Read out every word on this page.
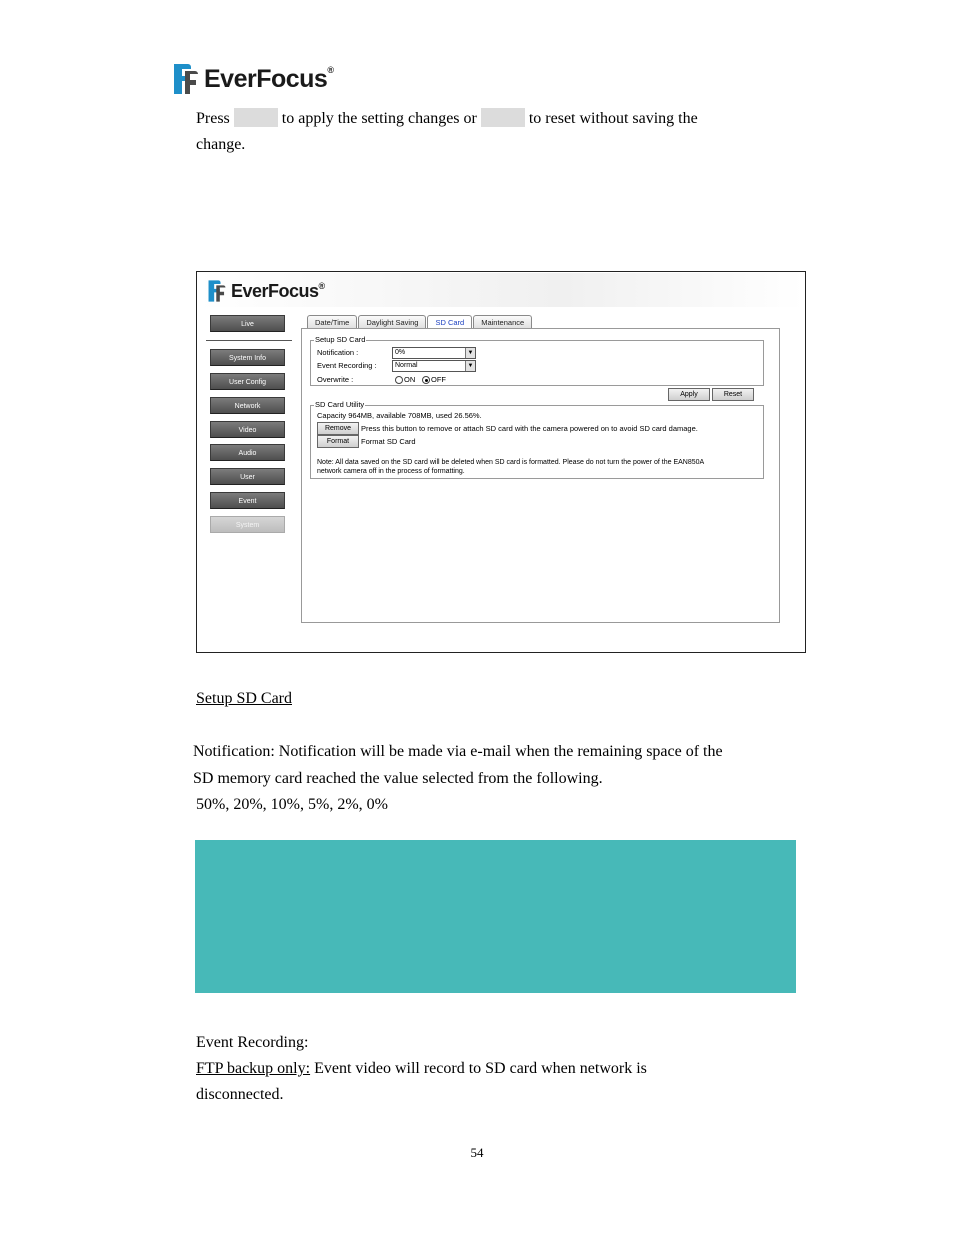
EverFocus®
Press	to apply the setting changes or	to reset without saving the
change.
EverFocus®
Live
System Info
User Config
Network
Video
Audio
User
Event
System
Date/Time	Daylight Saving	SD Card	Maintenance
Setup SD Card
Notification :	0%	▼
Event Recording :	Normal	▼
Overwrite :	ON OFF
Apply	Reset
SD Card Utility
Capacity 964MB, available 708MB, used 26.56%.
Remove	Press this button to remove or attach SD card with the camera powered on to avoid SD card damage.
Format	Format SD Card
Note: All data saved on the SD card will be deleted when SD card is formatted. Please do not turn the power of the EAN850A
network camera off in the process of formatting.
Setup SD Card
Notification: Notification will be made via e-mail when the remaining space of the
SD memory card reached the value selected from the following.
50%, 20%, 10%, 5%, 2%, 0%
Event Recording:
FTP backup only: Event video will record to SD card when network is
disconnected.
54
